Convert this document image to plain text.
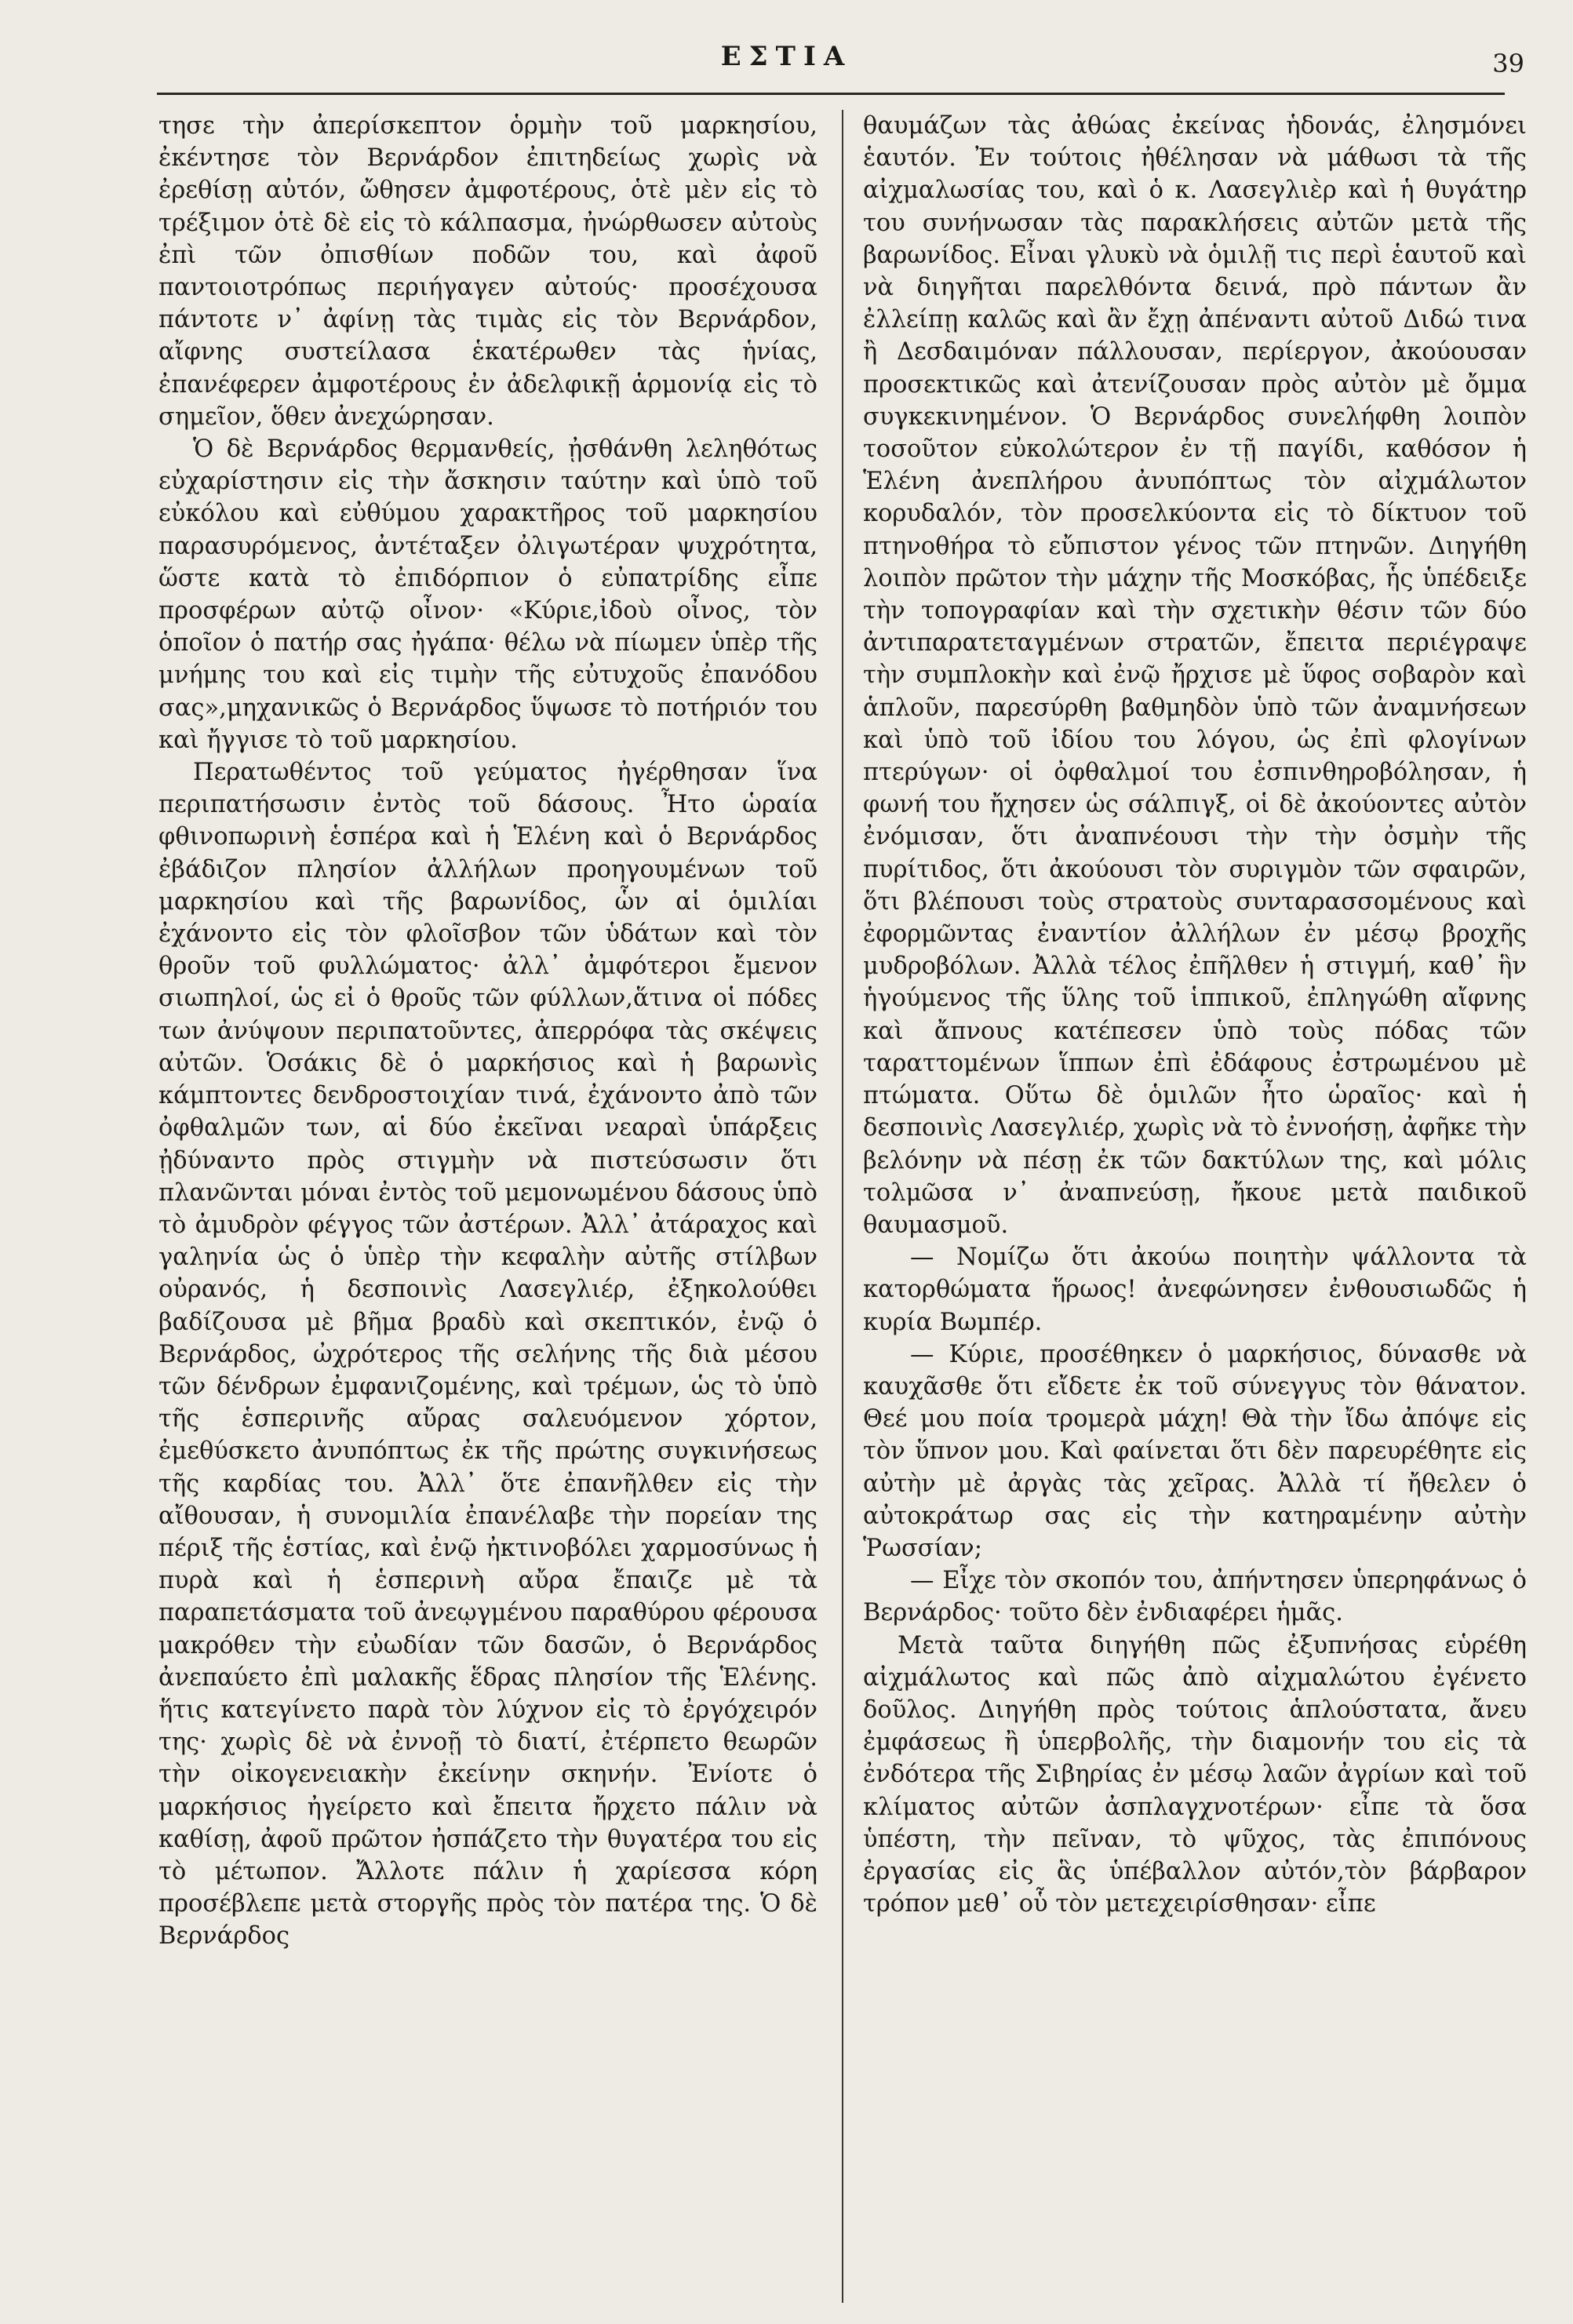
ΕΣΤΙΑ	39

τησε τὴν ἀπερίσκεπτον ὁρμὴν τοῦ μαρκησίου, ἐκέντησε τὸν Βερνάρδον ἐπιτηδείως χωρὶς νὰ ἐρεθίσῃ αὐτόν, ὤθησεν ἀμφοτέρους, ὁτὲ μὲν εἰς τὸ τρέξιμον ὁτὲ δὲ εἰς τὸ κάλπασμα, ἠνώρθωσεν αὐτοὺς ἐπὶ τῶν ὀπισθίων ποδῶν του, καὶ ἀφοῦ παντοιοτρόπως περιήγαγεν αὐτούς· προσέχουσα πάντοτε ν᾽ ἀφίνῃ τὰς τιμὰς εἰς τὸν Βερνάρδον, αἴφνης συστείλασα ἑκατέρωθεν τὰς ἡνίας, ἐπανέφερεν ἀμφοτέρους ἐν ἀδελφικῇ ἁρμονίᾳ εἰς τὸ σημεῖον, ὅθεν ἀνεχώρησαν.

Ὁ δὲ Βερνάρδος θερμανθείς, ᾐσθάνθη λεληθότως εὐχαρίστησιν εἰς τὴν ἄσκησιν ταύτην καὶ ὑπὸ τοῦ εὐκόλου καὶ εὐθύμου χαρακτῆρος τοῦ μαρκησίου παρασυρόμενος, ἀντέταξεν ὀλιγωτέραν ψυχρότητα, ὥστε κατὰ τὸ ἐπιδόρπιον ὁ εὐπατρίδης εἶπε προσφέρων αὐτῷ οἶνον· «Κύριε,ἰδοὺ οἶνος, τὸν ὁποῖον ὁ πατήρ σας ἠγάπα· θέλω νὰ πίωμεν ὑπὲρ τῆς μνήμης του καὶ εἰς τιμὴν τῆς εὐτυχοῦς ἐπανόδου σας»,μηχανικῶς ὁ Βερνάρδος ὕψωσε τὸ ποτήριόν του καὶ ἤγγισε τὸ τοῦ μαρκησίου.

Περατωθέντος τοῦ γεύματος ἠγέρθησαν ἵνα περιπατήσωσιν ἐντὸς τοῦ δάσους. Ἦτο ὡραία φθινοπωρινὴ ἑσπέρα καὶ ἡ Ἑλένη καὶ ὁ Βερνάρδος ἐβάδιζον πλησίον ἀλλήλων προηγουμένων τοῦ μαρκησίου καὶ τῆς βαρωνίδος, ὧν αἱ ὁμιλίαι ἐχάνοντο εἰς τὸν φλοῖσβον τῶν ὑδάτων καὶ τὸν θροῦν τοῦ φυλλώματος· ἀλλ᾽ ἀμφότεροι ἔμενον σιωπηλοί, ὡς εἰ ὁ θροῦς τῶν φύλλων,ἅτινα οἱ πόδες των ἀνύψουν περιπατοῦντες, ἀπερρόφα τὰς σκέψεις αὐτῶν. Ὁσάκις δὲ ὁ μαρκήσιος καὶ ἡ βαρωνὶς κάμπτοντες δενδροστοιχίαν τινά, ἐχάνοντο ἀπὸ τῶν ὀφθαλμῶν των, αἱ δύο ἐκεῖναι νεαραὶ ὑπάρξεις ᾐδύναντο πρὸς στιγμὴν νὰ πιστεύσωσιν ὅτι πλανῶνται μόναι ἐντὸς τοῦ μεμονωμένου δάσους ὑπὸ τὸ ἀμυδρὸν φέγγος τῶν ἀστέρων. Ἀλλ᾽ ἀτάραχος καὶ γαληνία ὡς ὁ ὑπὲρ τὴν κεφαλὴν αὐτῆς στίλβων οὐρανός, ἡ δεσποινὶς Λασεγλιέρ, ἐξηκολούθει βαδίζουσα μὲ βῆμα βραδὺ καὶ σκεπτικόν, ἐνῷ ὁ Βερνάρδος, ὠχρότερος τῆς σελήνης τῆς διὰ μέσου τῶν δένδρων ἐμφανιζομένης, καὶ τρέμων, ὡς τὸ ὑπὸ τῆς ἑσπερινῆς αὔρας σαλευόμενον χόρτον, ἐμεθύσκετο ἀνυπόπτως ἐκ τῆς πρώτης συγκινήσεως τῆς καρδίας του. Ἀλλ᾽ ὅτε ἐπανῆλθεν εἰς τὴν αἴθουσαν, ἡ συνομιλία ἐπανέλαβε τὴν πορείαν της πέριξ τῆς ἑστίας, καὶ ἐνῷ ἠκτινοβόλει χαρμοσύνως ἡ πυρὰ καὶ ἡ ἑσπερινὴ αὔρα ἔπαιζε μὲ τὰ παραπετάσματα τοῦ ἀνεῳγμένου παραθύρου φέρουσα μακρόθεν τὴν εὐωδίαν τῶν δασῶν, ὁ Βερνάρδος ἀνεπαύετο ἐπὶ μαλακῆς ἕδρας πλησίον τῆς Ἑλένης. ἥτις κατεγίνετο παρὰ τὸν λύχνον εἰς τὸ ἐργόχειρόν της· χωρὶς δὲ νὰ ἐννοῇ τὸ διατί, ἐτέρπετο θεωρῶν τὴν οἰκογενειακὴν ἐκείνην σκηνήν. Ἐνίοτε ὁ μαρκήσιος ἠγείρετο καὶ ἔπειτα ἤρχετο πάλιν νὰ καθίσῃ, ἀφοῦ πρῶτον ἠσπάζετο τὴν θυγατέρα του εἰς τὸ μέτωπον. Ἄλλοτε πάλιν ἡ χαρίεσσα κόρη προσέβλεπε μετὰ στοργῆς πρὸς τὸν πατέρα της. Ὁ δὲ Βερνάρδος

θαυμάζων τὰς ἀθώας ἐκείνας ἡδονάς, ἐλησμόνει ἑαυτόν. Ἐν τούτοις ἠθέλησαν νὰ μάθωσι τὰ τῆς αἰχμαλωσίας του, καὶ ὁ κ. Λασεγλιὲρ καὶ ἡ θυγάτηρ του συνήνωσαν τὰς παρακλήσεις αὐτῶν μετὰ τῆς βαρωνίδος. Εἶναι γλυκὺ νὰ ὁμιλῇ τις περὶ ἑαυτοῦ καὶ νὰ διηγῆται παρελθόντα δεινά, πρὸ πάντων ἂν ἐλλείπῃ καλῶς καὶ ἂν ἔχῃ ἀπέναντι αὐτοῦ Διδώ τινα ἢ Δεσδαιμόναν πάλλουσαν, περίεργον, ἀκούουσαν προσεκτικῶς καὶ ἀτενίζουσαν πρὸς αὐτὸν μὲ ὄμμα συγκεκινημένον. Ὁ Βερνάρδος συνελήφθη λοιπὸν τοσοῦτον εὐκολώτερον ἐν τῇ παγίδι, καθόσον ἡ Ἑλένη ἀνεπλήρου ἀνυπόπτως τὸν αἰχμάλωτον κορυδαλόν, τὸν προσελκύοντα εἰς τὸ δίκτυον τοῦ πτηνοθήρα τὸ εὔπιστον γένος τῶν πτηνῶν. Διηγήθη λοιπὸν πρῶτον τὴν μάχην τῆς Μοσκόβας, ἧς ὑπέδειξε τὴν τοπογραφίαν καὶ τὴν σχετικὴν θέσιν τῶν δύο ἀντιπαρατεταγμένων στρατῶν, ἔπειτα περιέγραψε τὴν συμπλοκὴν καὶ ἐνῷ ἤρχισε μὲ ὕφος σοβαρὸν καὶ ἁπλοῦν, παρεσύρθη βαθμηδὸν ὑπὸ τῶν ἀναμνήσεων καὶ ὑπὸ τοῦ ἰδίου του λόγου, ὡς ἐπὶ φλογίνων πτερύγων· οἱ ὀφθαλμοί του ἐσπινθηροβόλησαν, ἡ φωνή του ἤχησεν ὡς σάλπιγξ, οἱ δὲ ἀκούοντες αὐτὸν ἐνόμισαν, ὅτι ἀναπνέουσι τὴν τὴν ὀσμὴν τῆς πυρίτιδος, ὅτι ἀκούουσι τὸν συριγμὸν τῶν σφαιρῶν, ὅτι βλέπουσι τοὺς στρατοὺς συνταρασσομένους καὶ ἐφορμῶντας ἐναντίον ἀλλήλων ἐν μέσῳ βροχῆς μυδροβόλων. Ἀλλὰ τέλος ἐπῆλθεν ἡ στιγμή, καθ᾽ ἣν ἡγούμενος τῆς ὕλης τοῦ ἱππικοῦ, ἐπληγώθη αἴφνης καὶ ἄπνους κατέπεσεν ὑπὸ τοὺς πόδας τῶν ταραττομένων ἵππων ἐπὶ ἐδάφους ἐστρωμένου μὲ πτώματα. Οὕτω δὲ ὁμιλῶν ἦτο ὡραῖος· καὶ ἡ δεσποινὶς Λασεγλιέρ, χωρὶς νὰ τὸ ἐννοήσῃ, ἀφῆκε τὴν βελόνην νὰ πέσῃ ἐκ τῶν δακτύλων της, καὶ μόλις τολμῶσα ν᾽ ἀναπνεύσῃ, ἤκουε μετὰ παιδικοῦ θαυμασμοῦ.

— Νομίζω ὅτι ἀκούω ποιητὴν ψάλλοντα τὰ κατορθώματα ἥρωος! ἀνεφώνησεν ἐνθουσιωδῶς ἡ κυρία Βωμπέρ.

— Κύριε, προσέθηκεν ὁ μαρκήσιος, δύνασθε νὰ καυχᾶσθε ὅτι εἴδετε ἐκ τοῦ σύνεγγυς τὸν θάνατον. Θεέ μου ποία τρομερὰ μάχη! Θὰ τὴν ἴδω ἀπόψε εἰς τὸν ὕπνον μου. Καὶ φαίνεται ὅτι δὲν παρευρέθητε εἰς αὐτὴν μὲ ἀργὰς τὰς χεῖρας. Ἀλλὰ τί ἤθελεν ὁ αὐτοκράτωρ σας εἰς τὴν κατηραμένην αὐτὴν Ῥωσσίαν;

— Εἶχε τὸν σκοπόν του, ἀπήντησεν ὑπερηφάνως ὁ Βερνάρδος· τοῦτο δὲν ἐνδιαφέρει ἡμᾶς.

Μετὰ ταῦτα διηγήθη πῶς ἐξυπνήσας εὑρέθη αἰχμάλωτος καὶ πῶς ἀπὸ αἰχμαλώτου ἐγένετο δοῦλος. Διηγήθη πρὸς τούτοις ἁπλούστατα, ἄνευ ἐμφάσεως ἢ ὑπερβολῆς, τὴν διαμονήν του εἰς τὰ ἐνδότερα τῆς Σιβηρίας ἐν μέσῳ λαῶν ἀγρίων καὶ τοῦ κλίματος αὐτῶν ἀσπλαγχνοτέρων· εἶπε τὰ ὅσα ὑπέστη, τὴν πεῖναν, τὸ ψῦχος, τὰς ἐπιπόνους ἐργασίας εἰς ἃς ὑπέβαλλον αὐτόν,τὸν βάρβαρον τρόπον μεθ᾽ οὗ τὸν μετεχειρίσθησαν· εἶπε
